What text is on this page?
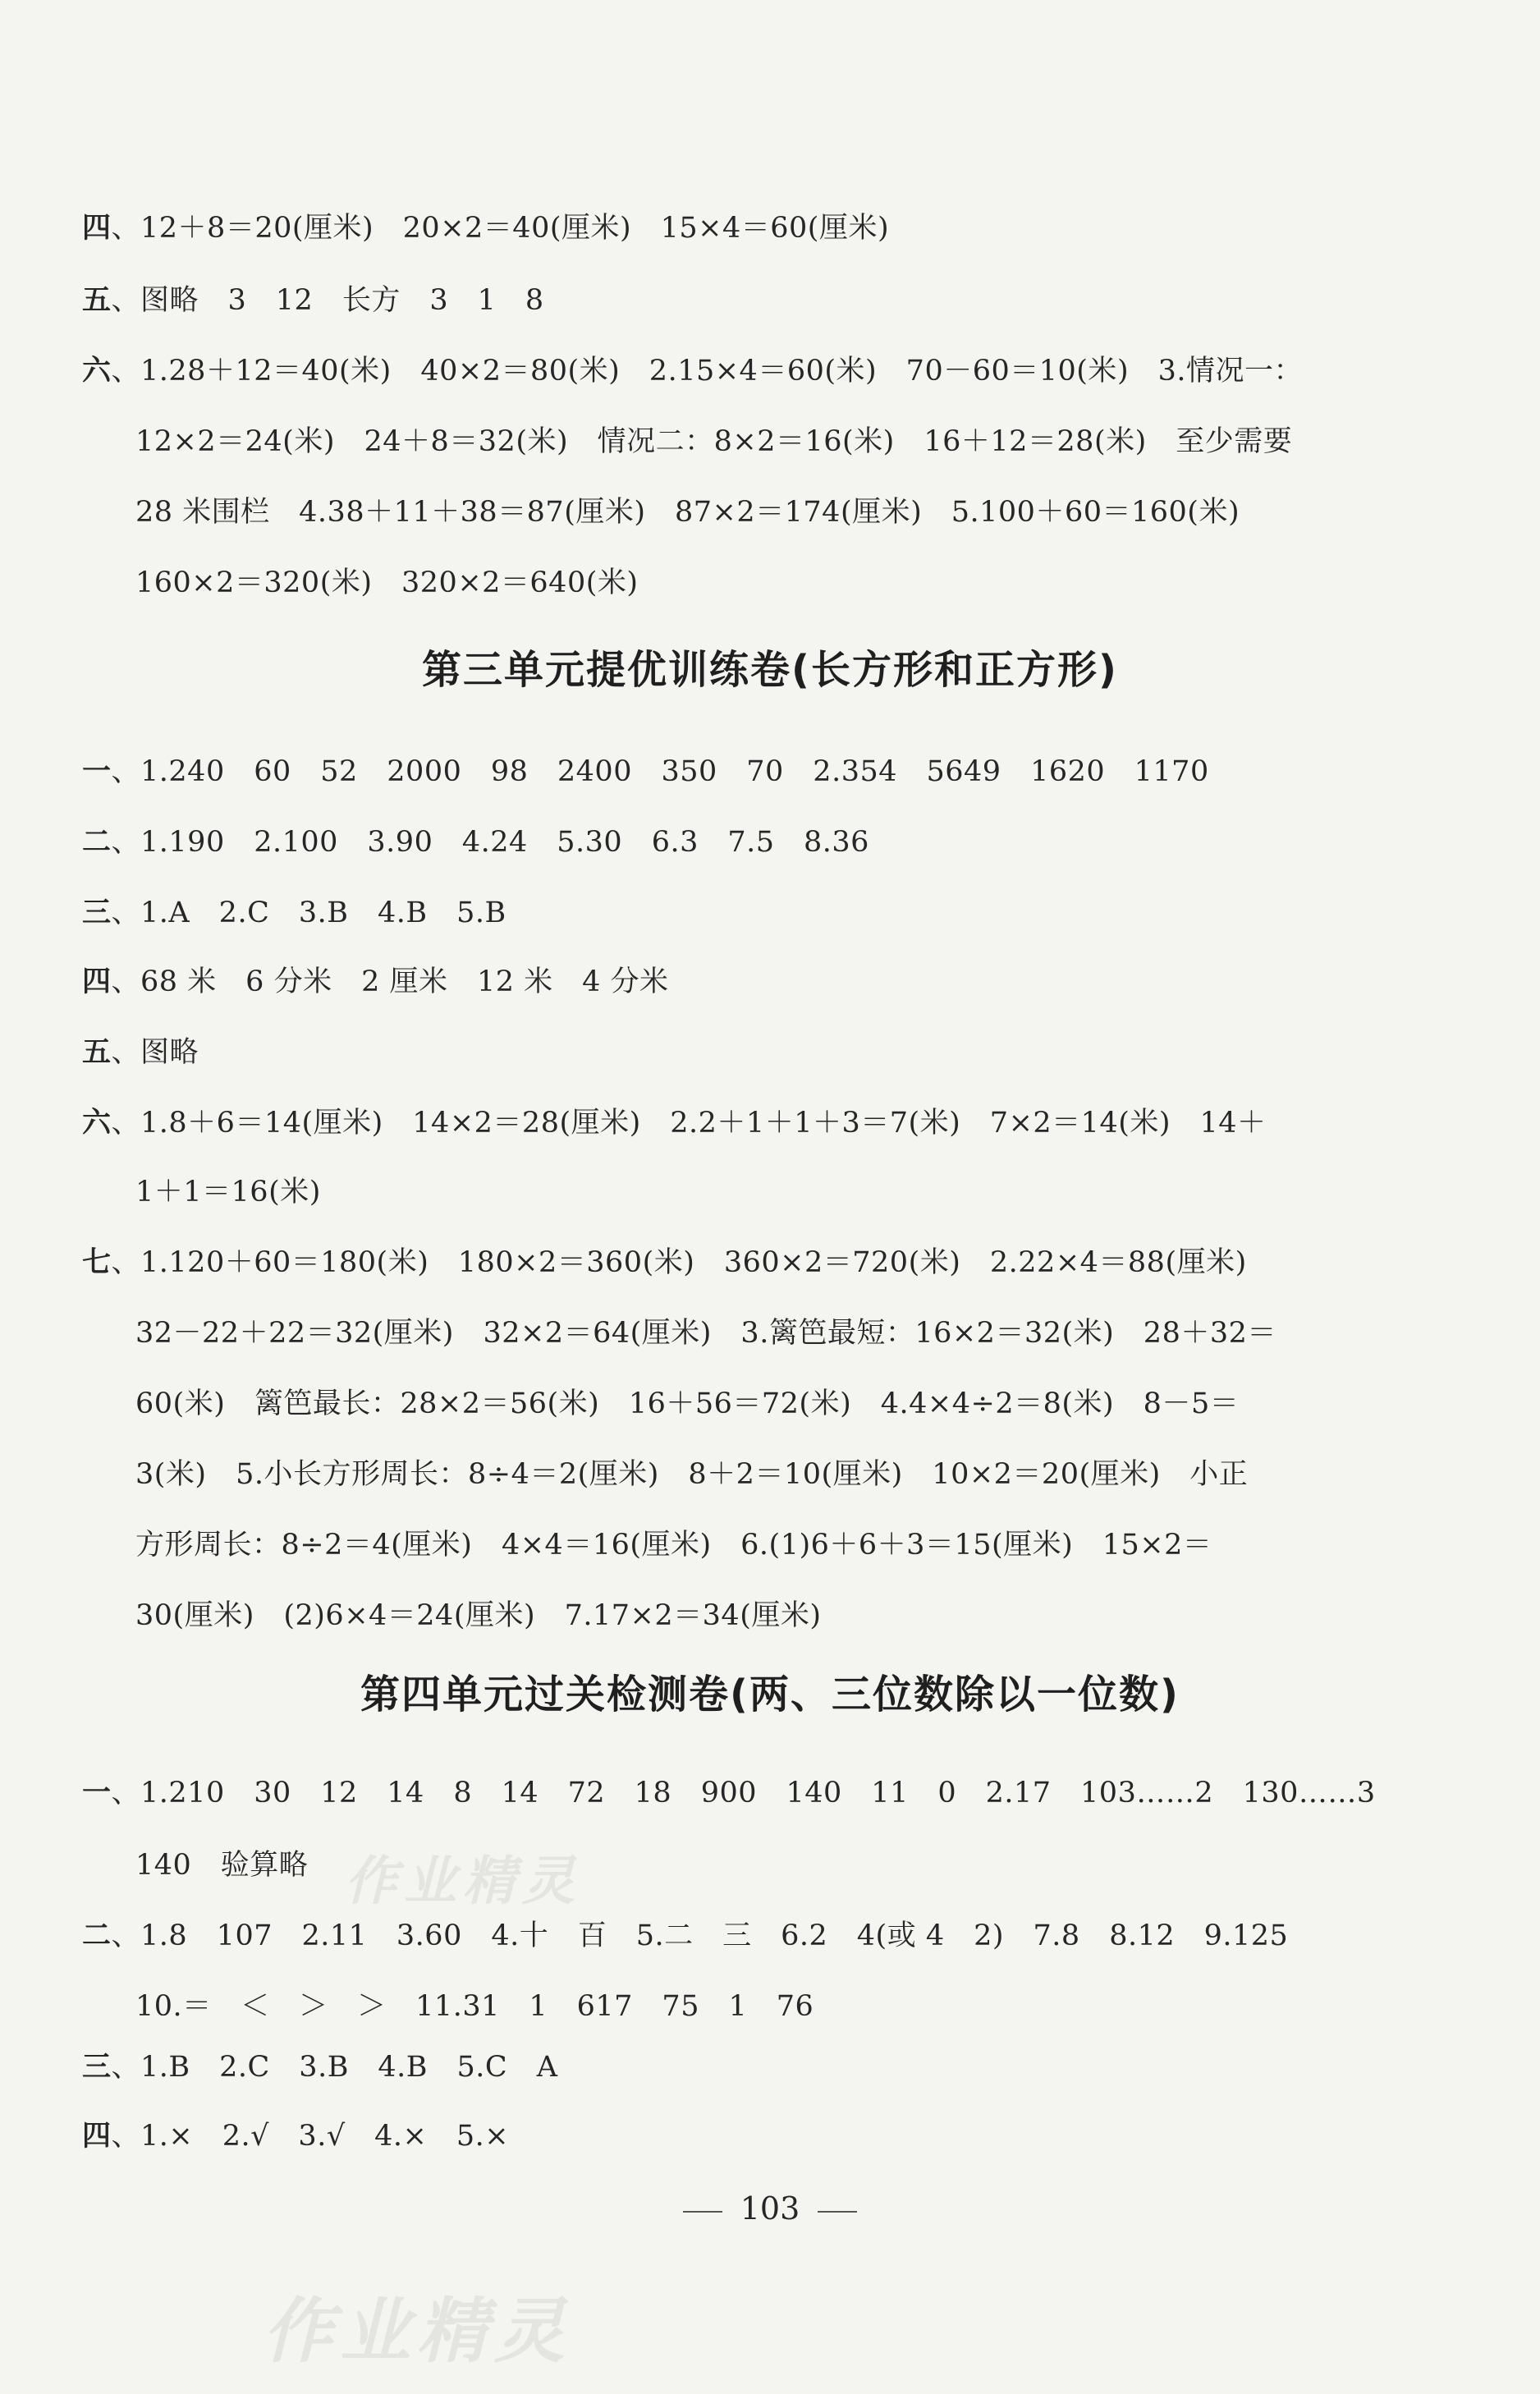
四、12＋8＝20(厘米)　20×2＝40(厘米)　15×4＝60(厘米)
五、图略　3　12　长方　3　1　8
六、1.28＋12＝40(米)　40×2＝80(米)　2.15×4＝60(米)　70－60＝10(米)　3.情况一：
12×2＝24(米)　24＋8＝32(米)　情况二：8×2＝16(米)　16＋12＝28(米)　至少需要
28 米围栏　4.38＋11＋38＝87(厘米)　87×2＝174(厘米)　5.100＋60＝160(米)
160×2＝320(米)　320×2＝640(米)
第三单元提优训练卷(长方形和正方形)
一、1.240　60　52　2000　98　2400　350　70　2.354　5649　1620　1170
二、1.190　2.100　3.90　4.24　5.30　6.3　7.5　8.36
三、1.A　2.C　3.B　4.B　5.B
四、68 米　6 分米　2 厘米　12 米　4 分米
五、图略
六、1.8＋6＝14(厘米)　14×2＝28(厘米)　2.2＋1＋1＋3＝7(米)　7×2＝14(米)　14＋
1＋1＝16(米)
七、1.120＋60＝180(米)　180×2＝360(米)　360×2＝720(米)　2.22×4＝88(厘米)
32－22＋22＝32(厘米)　32×2＝64(厘米)　3.篱笆最短：16×2＝32(米)　28＋32＝
60(米)　篱笆最长：28×2＝56(米)　16＋56＝72(米)　4.4×4÷2＝8(米)　8－5＝
3(米)　5.小长方形周长：8÷4＝2(厘米)　8＋2＝10(厘米)　10×2＝20(厘米)　小正
方形周长：8÷2＝4(厘米)　4×4＝16(厘米)　6.(1)6＋6＋3＝15(厘米)　15×2＝
30(厘米)　(2)6×4＝24(厘米)　7.17×2＝34(厘米)
第四单元过关检测卷(两、三位数除以一位数)
一、1.210　30　12　14　8　14　72　18　900　140　11　0　2.17　103……2　130……3
140　验算略
二、1.8　107　2.11　3.60　4.十　百　5.二　三　6.2　4(或 4　2)　7.8　8.12　9.125
10.＝　＜　＞　＞　11.31　1　617　75　1　76
三、1.B　2.C　3.B　4.B　5.C　A
四、1.×　2.√　3.√　4.×　5.×
103
作业精灵
作业精灵
